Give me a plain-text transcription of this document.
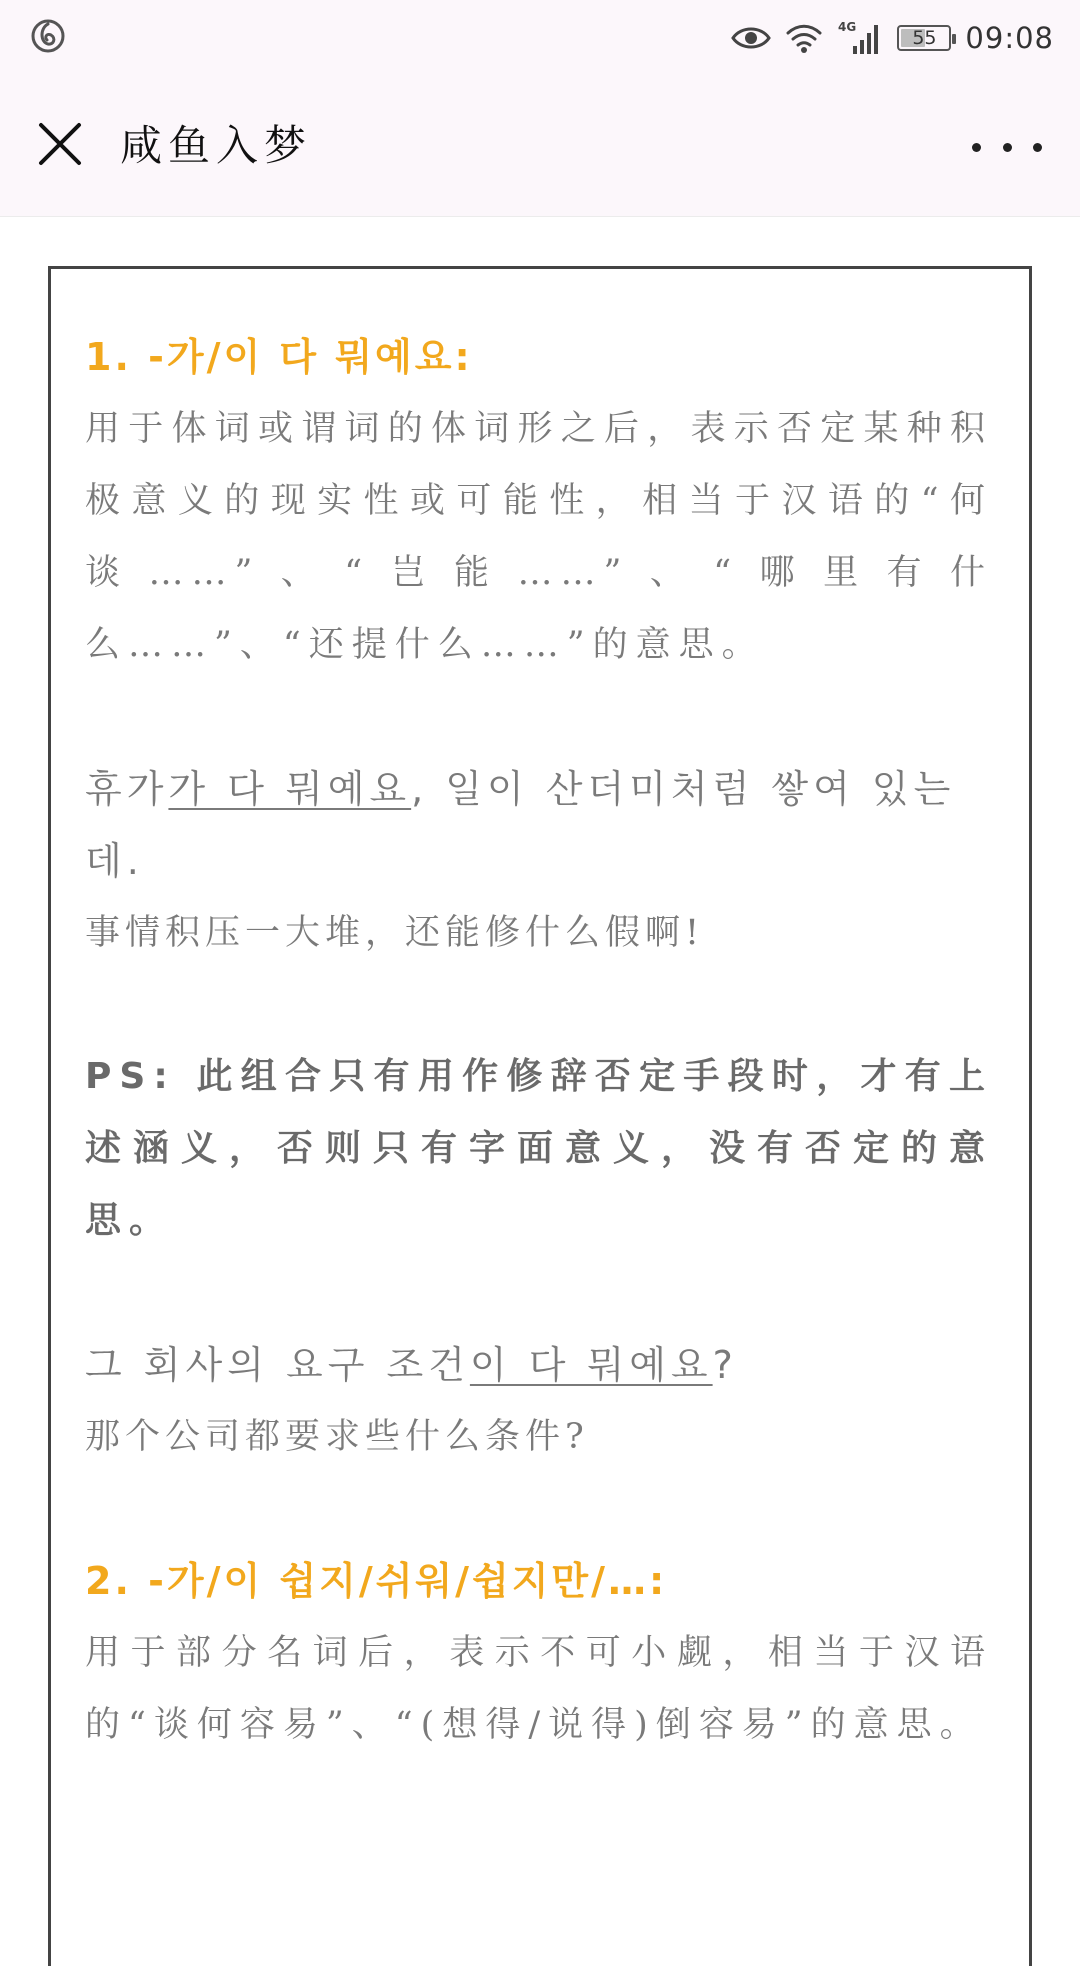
4G	55 09:08
咸鱼入梦
1. -가/이 다 뭐예요:
用于体词或谓词的体词形之后，表示否定某种积极意义的现实性或可能性，相当于汉语的“何谈……”、“岂能……”、“哪里有什么……”、“还提什么……”的意思。
휴가가 다 뭐예요, 일이 산더미처럼 쌓여 있는데.
事情积压一大堆，还能修什么假啊!
PS: 此组合只有用作修辞否定手段时，才有上述涵义，否则只有字面意义，没有否定的意思。
그 회사의 요구 조건이 다 뭐예요?
那个公司都要求些什么条件?
2. -가/이 쉽지/쉬워/쉽지만/…:
用于部分名词后，表示不可小觑，相当于汉语的“谈何容易”、“(想得/说得)倒容易”的意思。
